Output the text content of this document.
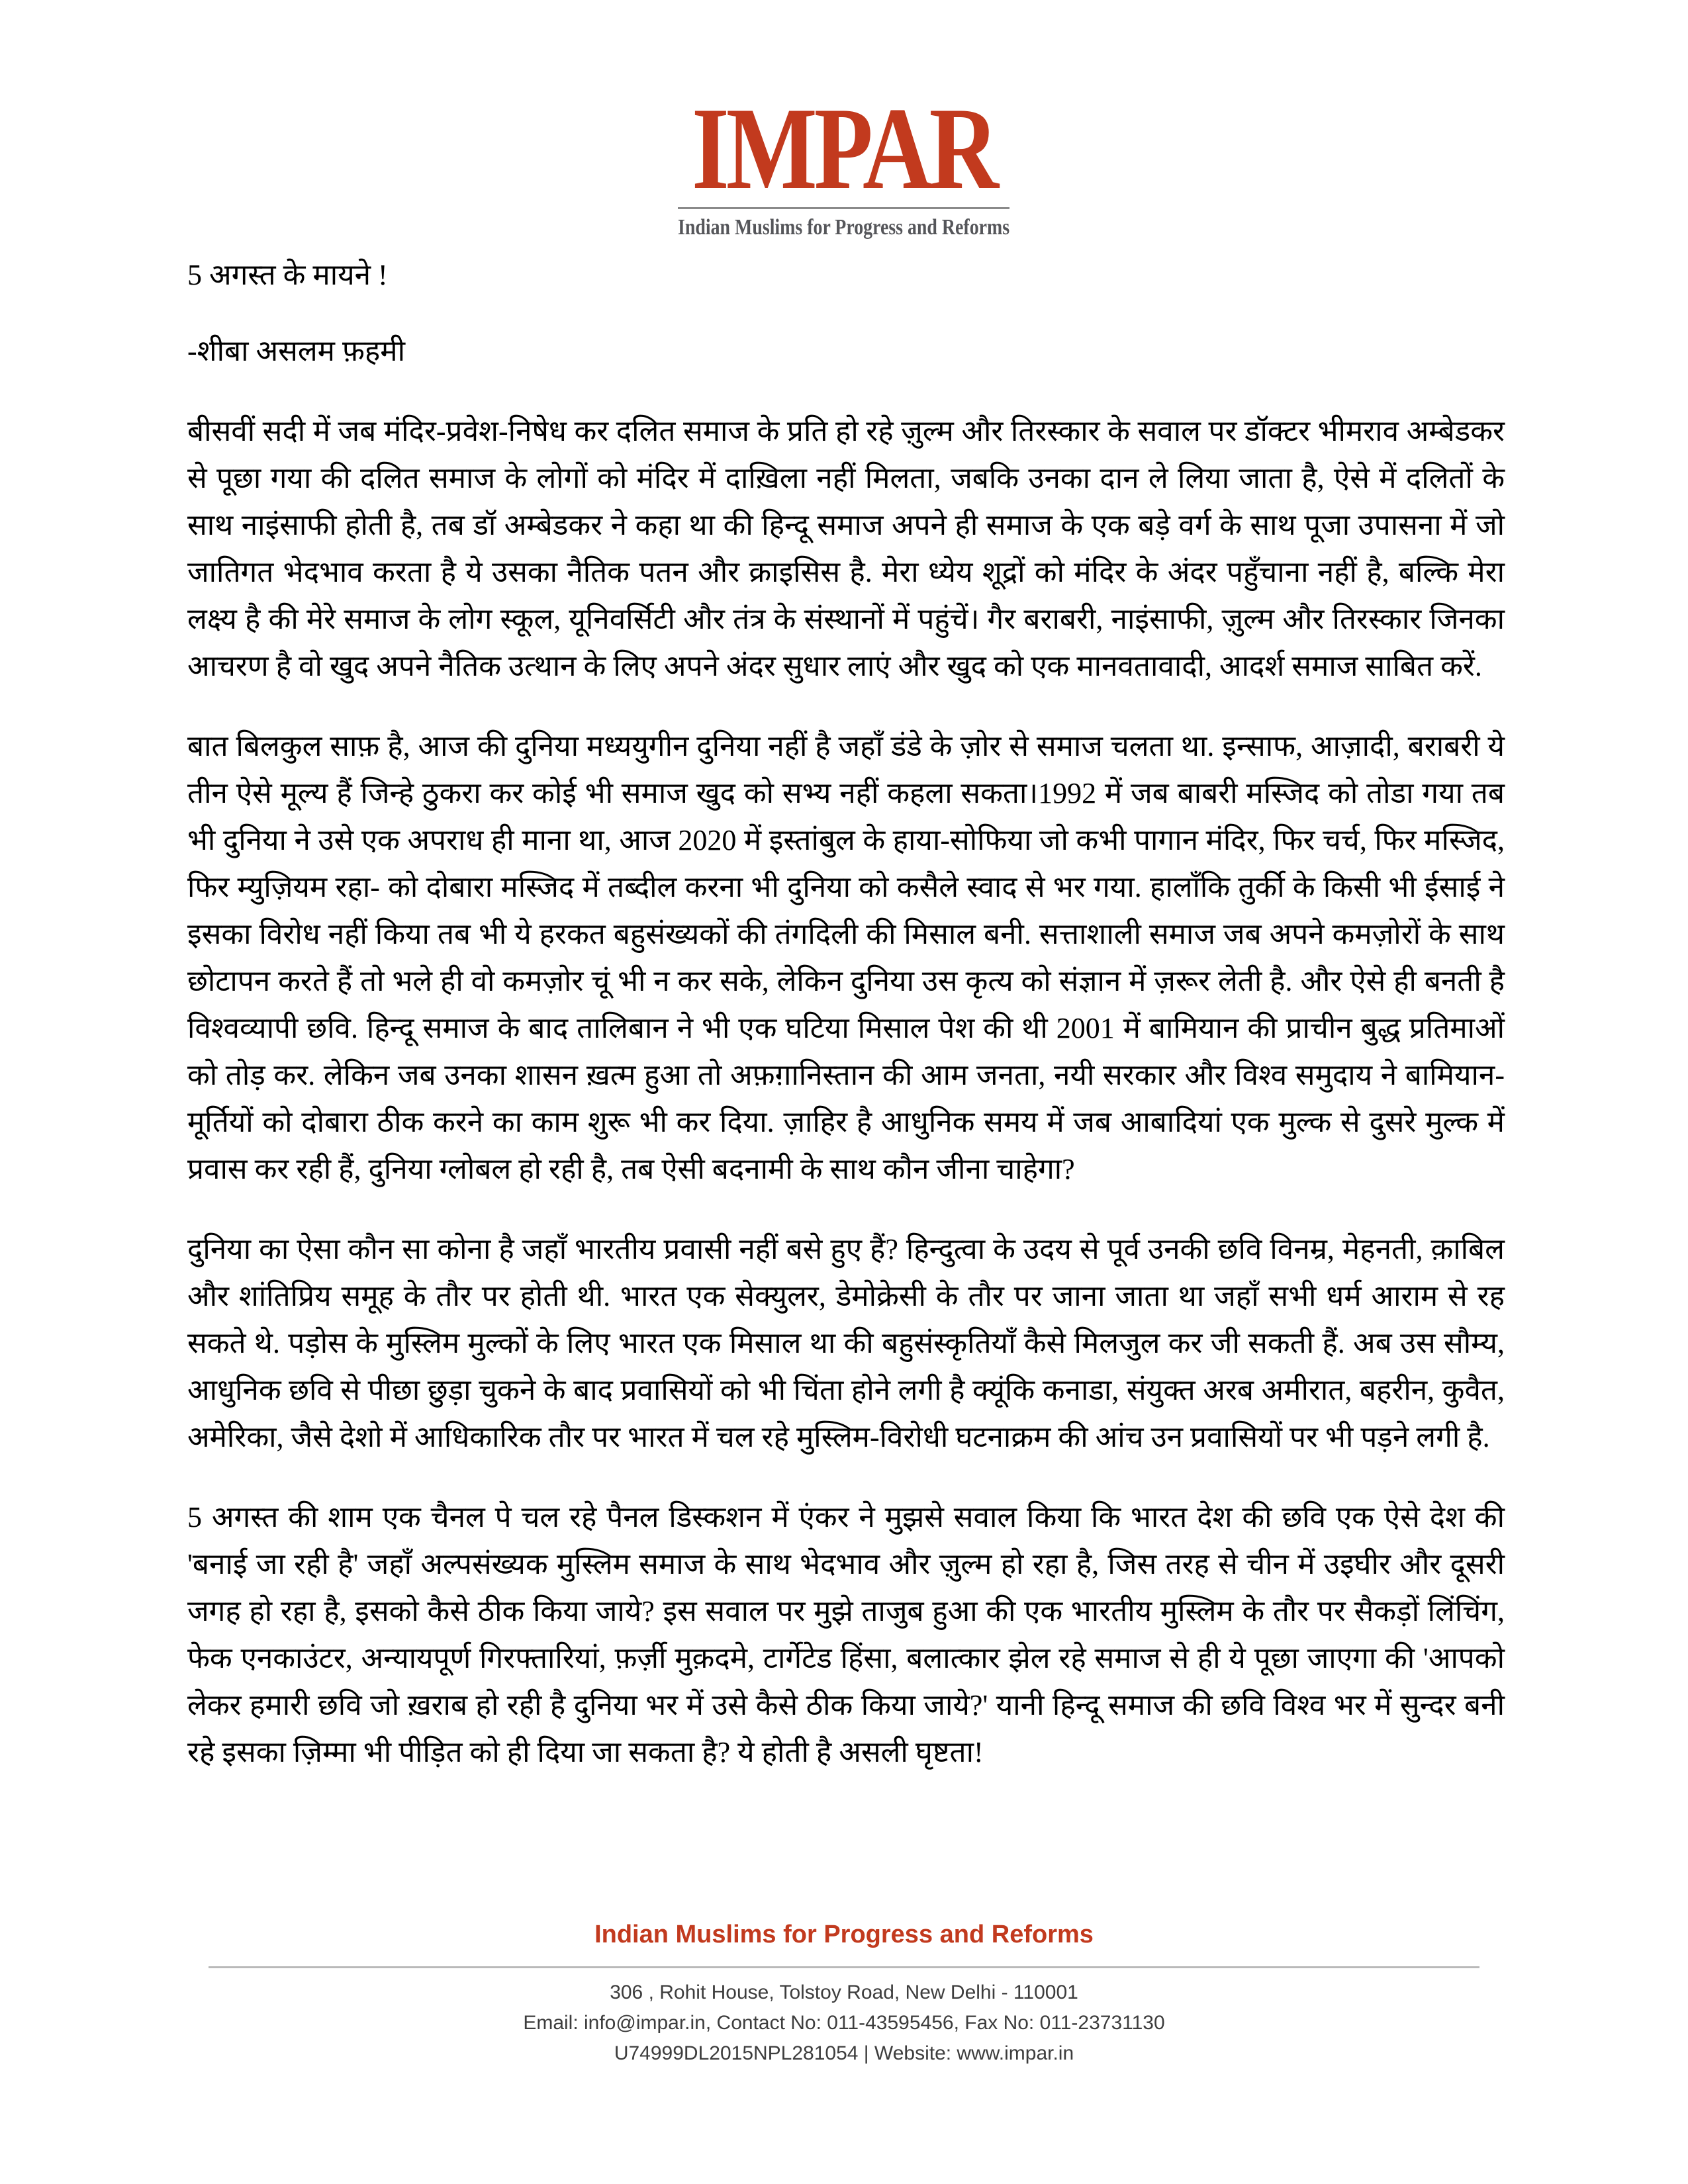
IMPAR
Indian Muslims for Progress and Reforms

5 अगस्त के मायने !

-शीबा असलम फ़हमी

बीसवीं सदी में जब मंदिर-प्रवेश-निषेध कर दलित समाज के प्रति हो रहे ज़ुल्म और तिरस्कार के सवाल पर डॉक्टर भीमराव अम्बेडकर से पूछा गया की दलित समाज के लोगों को मंदिर में दाख़िला नहीं मिलता, जबकि उनका दान ले लिया जाता है, ऐसे में दलितों के साथ नाइंसाफी होती है, तब डॉ अम्बेडकर ने कहा था की हिन्दू समाज अपने ही समाज के एक बड़े वर्ग के साथ पूजा उपासना में जो जातिगत भेदभाव करता है ये उसका नैतिक पतन और क्राइसिस है. मेरा ध्येय शूद्रों को मंदिर के अंदर पहुँचाना नहीं है, बल्कि मेरा लक्ष्य है की मेरे समाज के लोग स्कूल, यूनिवर्सिटी और तंत्र के संस्थानों में पहुंचें। गैर बराबरी, नाइंसाफी, ज़ुल्म और तिरस्कार जिनका आचरण है वो खुद अपने नैतिक उत्थान के लिए अपने अंदर सुधार लाएं और खुद को एक मानवतावादी, आदर्श समाज साबित करें.

बात बिलकुल साफ़ है, आज की दुनिया मध्ययुगीन दुनिया नहीं है जहाँ डंडे के ज़ोर से समाज चलता था. इन्साफ, आज़ादी, बराबरी ये तीन ऐसे मूल्य हैं जिन्हे ठुकरा कर कोई भी समाज खुद को सभ्य नहीं कहला सकता।1992 में जब बाबरी मस्जिद को तोडा गया तब भी दुनिया ने उसे एक अपराध ही माना था, आज 2020 में इस्तांबुल के हाया-सोफिया जो कभी पागान मंदिर, फिर चर्च, फिर मस्जिद, फिर म्युज़ियम रहा- को दोबारा मस्जिद में तब्दील करना भी दुनिया को कसैले स्वाद से भर गया. हालाँकि तुर्की के किसी भी ईसाई ने इसका विरोध नहीं किया तब भी ये हरकत बहुसंख्यकों की तंगदिली की मिसाल बनी. सत्ताशाली समाज जब अपने कमज़ोरों के साथ छोटापन करते हैं तो भले ही वो कमज़ोर चूं भी न कर सके, लेकिन दुनिया उस कृत्य को संज्ञान में ज़रूर लेती है. और ऐसे ही बनती है विश्वव्यापी छवि. हिन्दू समाज के बाद तालिबान ने भी एक घटिया मिसाल पेश की थी 2001 में बामियान की प्राचीन बुद्ध प्रतिमाओं को तोड़ कर. लेकिन जब उनका शासन ख़त्म हुआ तो अफ़ग़ानिस्तान की आम जनता, नयी सरकार और विश्व समुदाय ने बामियान-मूर्तियों को दोबारा ठीक करने का काम शुरू भी कर दिया. ज़ाहिर है आधुनिक समय में जब आबादियां एक मुल्क से दुसरे मुल्क में प्रवास कर रही हैं, दुनिया ग्लोबल हो रही है, तब ऐसी बदनामी के साथ कौन जीना चाहेगा?

दुनिया का ऐसा कौन सा कोना है जहाँ भारतीय प्रवासी नहीं बसे हुए हैं? हिन्दुत्वा के उदय से पूर्व उनकी छवि विनम्र, मेहनती, क़ाबिल और शांतिप्रिय समूह के तौर पर होती थी. भारत एक सेक्युलर, डेमोक्रेसी के तौर पर जाना जाता था जहाँ सभी धर्म आराम से रह सकते थे. पड़ोस के मुस्लिम मुल्कों के लिए भारत एक मिसाल था की बहुसंस्कृतियाँ कैसे मिलजुल कर जी सकती हैं. अब उस सौम्य, आधुनिक छवि से पीछा छुड़ा चुकने के बाद प्रवासियों को भी चिंता होने लगी है क्यूंकि कनाडा, संयुक्त अरब अमीरात, बहरीन, कुवैत, अमेरिका, जैसे देशो में आधिकारिक तौर पर भारत में चल रहे मुस्लिम-विरोधी घटनाक्रम की आंच उन प्रवासियों पर भी पड़ने लगी है.

5 अगस्त की शाम एक चैनल पे चल रहे पैनल डिस्कशन में एंकर ने मुझसे सवाल किया कि भारत देश की छवि एक ऐसे देश की 'बनाई जा रही है' जहाँ अल्पसंख्यक मुस्लिम समाज के साथ भेदभाव और ज़ुल्म हो रहा है, जिस तरह से चीन में उइघीर और दूसरी जगह हो रहा है, इसको कैसे ठीक किया जाये? इस सवाल पर मुझे ताजुब हुआ की एक भारतीय मुस्लिम के तौर पर सैकड़ों लिंचिंग, फेक एनकाउंटर, अन्यायपूर्ण गिरफ्तारियां, फ़र्ज़ी मुक़दमे, टार्गेटेड हिंसा, बलात्कार झेल रहे समाज से ही ये पूछा जाएगा की 'आपको लेकर हमारी छवि जो ख़राब हो रही है दुनिया भर में उसे कैसे ठीक किया जाये?' यानी हिन्दू समाज की छवि विश्व भर में सुन्दर बनी रहे इसका ज़िम्मा भी पीड़ित को ही दिया जा सकता है? ये होती है असली घृष्टता!

Indian Muslims for Progress and Reforms

306 , Rohit House, Tolstoy Road, New Delhi - 110001
Email: info@impar.in, Contact No: 011-43595456, Fax No: 011-23731130
U74999DL2015NPL281054 | Website: www.impar.in
